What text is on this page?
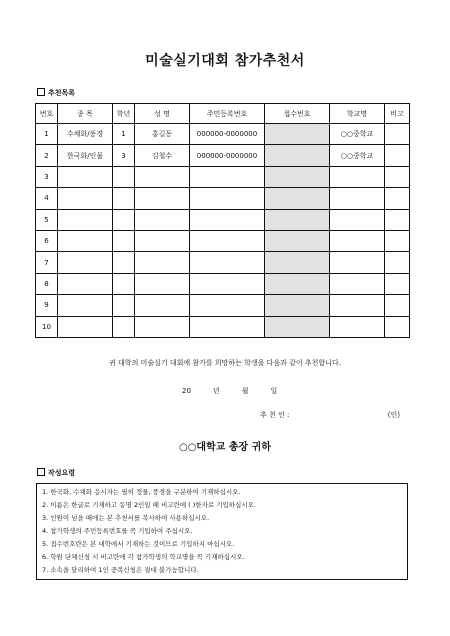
미술실기대회 참가추천서
추천목록
번호	종 목	학년	성 명	주민등록번호	접수번호	학교명	비고
1	수채화/풍경	1	홍길동	000000-0000000		○○중학교	
2	한국화/인물	3	김철수	000000-0000000		○○중학교	
3							
4							
5							
6							
7							
8							
9							
10							
귀 대학의 미술실기 대회에 참가를 희망하는 학생을 다음과 같이 추천합니다.
20	년	월	일
추 천 인 :	(인)
○○대학교 총장 귀하
작성요령
1. 한국화, 수채화 응시자는 필히 정물, 풍경을 구분하여 기재하십시오.
2. 이름은 한글로 기재하고 동명 2인일 때 비고란에 ( )한자로 기입하십시오.
3. 인원이 넘을 때에는 본 추천서를 복사하여 사용하십시오.
4. 참가학생의 주민등록번호를 꼭 기입하여 주십시오.
5. 접수번호란은 본 대학에서 기재하는 것이므로 기입하지 마십시오.
6. 학원 단체신청 시 비고란에 각 참가학생의 학교명을 꼭 기재하십시오.
7. 소속을 달리하여 1인 중복신청은 절대 불가능합니다.
